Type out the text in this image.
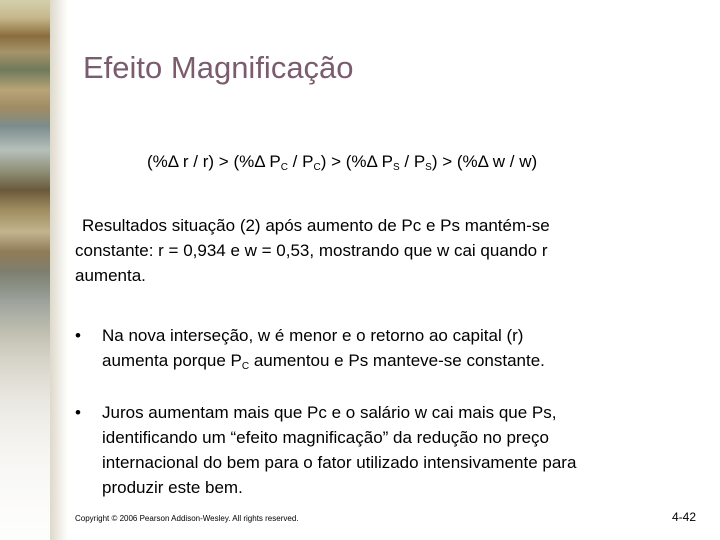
Efeito Magnificação
(%Δ r / r) > (%Δ $P_C / P_C) > (\%\Delta$ $P_S / P_S) > (\%\Delta$ w / w)
Resultados situação (2) após aumento de Pc e Ps mantém-se
constante: r = 0,934 e w = 0,53, mostrando que w cai quando r
aumenta.
•	Na nova interseção, w é menor e o retorno ao capital (r)
aumenta porque $P_C$ aumentou e Ps manteve-se constante.
•	Juros aumentam mais que Pc e o salário w cai mais que Ps,
identificando um “efeito magnificação” da redução no preço
internacional do bem para o fator utilizado intensivamente para
produzir este bem.
Copyright © 2006 Pearson Addison-Wesley. All rights reserved.	4-42
